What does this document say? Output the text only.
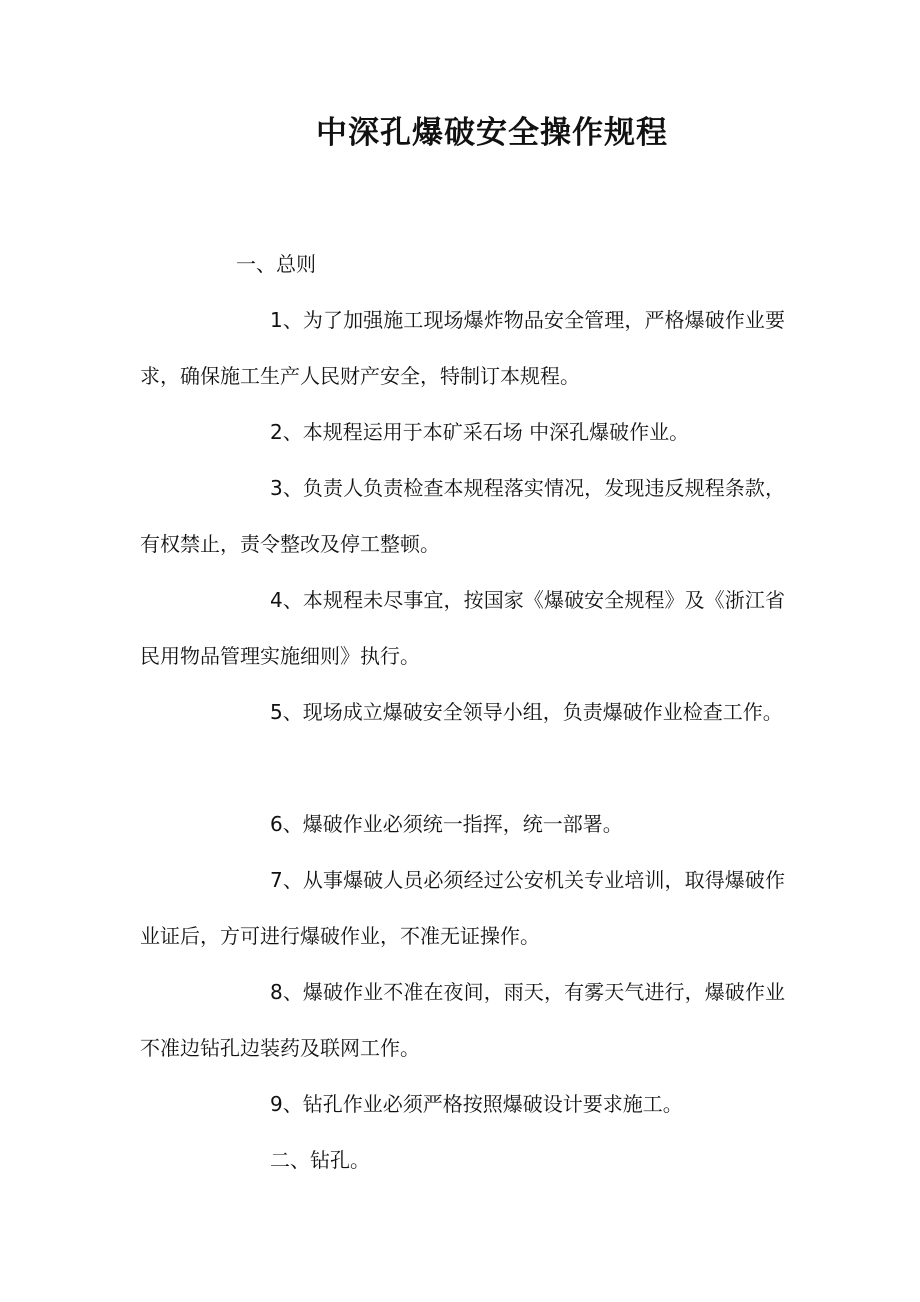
中深孔爆破安全操作规程

一、总则

1、为了加强施工现场爆炸物品安全管理，严格爆破作业要求，确保施工生产人民财产安全，特制订本规程。

2、本规程运用于本矿采石场 中深孔爆破作业。

3、负责人负责检查本规程落实情况，发现违反规程条款，有权禁止，责令整改及停工整顿。

4、本规程未尽事宜，按国家《爆破安全规程》及《浙江省民用物品管理实施细则》执行。

5、现场成立爆破安全领导小组，负责爆破作业检查工作。

6、爆破作业必须统一指挥，统一部署。

7、从事爆破人员必须经过公安机关专业培训，取得爆破作业证后，方可进行爆破作业，不准无证操作。

8、爆破作业不准在夜间，雨天，有雾天气进行，爆破作业不准边钻孔边装药及联网工作。

9、钻孔作业必须严格按照爆破设计要求施工。

二、钻孔。
